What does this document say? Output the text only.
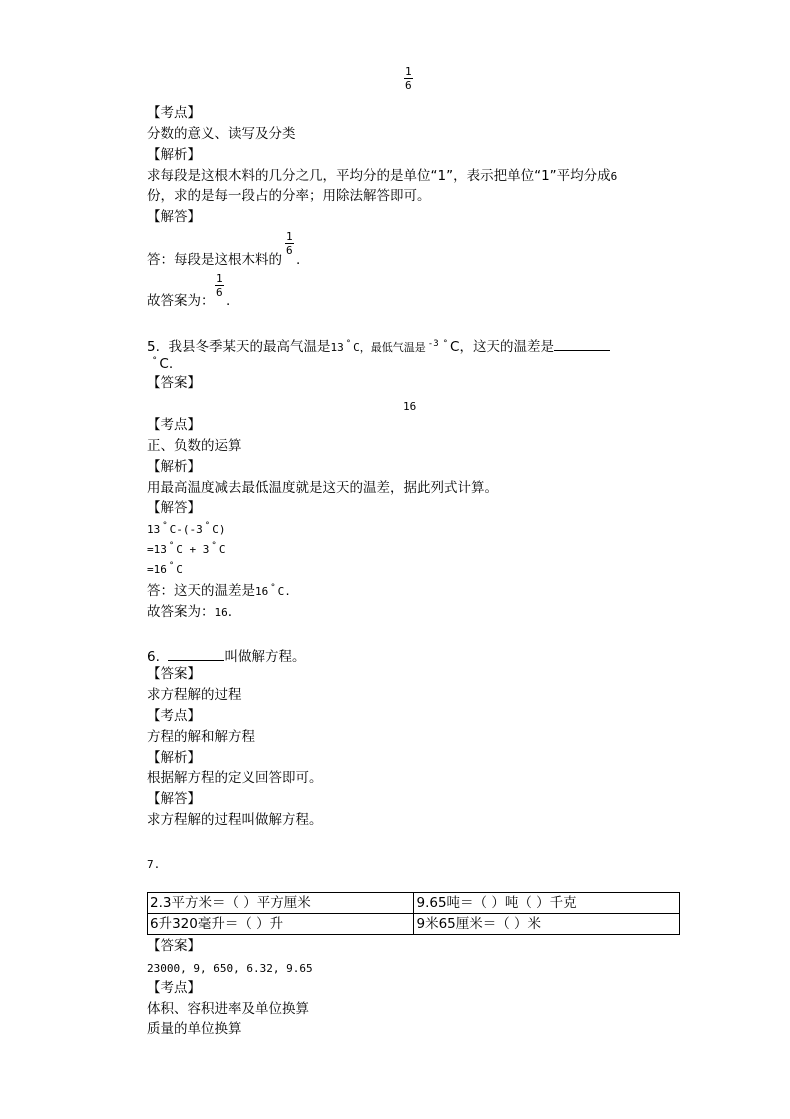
$\frac{1}{6}$
【考点】
分数的意义、读写及分类
【解析】
求每段是这根木料的几分之几，平均分的是单位“1”，表示把单位“1”平均分成6
份，求的是每一段占的分率；用除法解答即可。
【解答】
答：每段是这根木料的
$\frac{1}{6}$
.
故答案为：
$\frac{1}{6}$
.
5. 我县冬季某天的最高气温是13 ° C，最低气温是 $^{-3}$ ° C，这天的温差是
° C.
【答案】
16
【考点】
正、负数的运算
【解析】
用最高温度减去最低温度就是这天的温差，据此列式计算。
【解答】
13 ° C-(-3 ° C)
=13 ° C + 3 ° C
=16 ° C
答：这天的温差是16 ° C.
故答案为：16.
6.	叫做解方程。
【答案】
求方程解的过程
【考点】
方程的解和解方程
【解析】
根据解方程的定义回答即可。
【解答】
求方程解的过程叫做解方程。
7.
2.3平方米＝（ ）平方厘米	9.65吨＝（ ）吨（ ）千克
6升320毫升＝（ ）升	9米65厘米＝（ ）米
【答案】
23000, 9, 650, 6.32, 9.65
【考点】
体积、容积进率及单位换算
质量的单位换算
